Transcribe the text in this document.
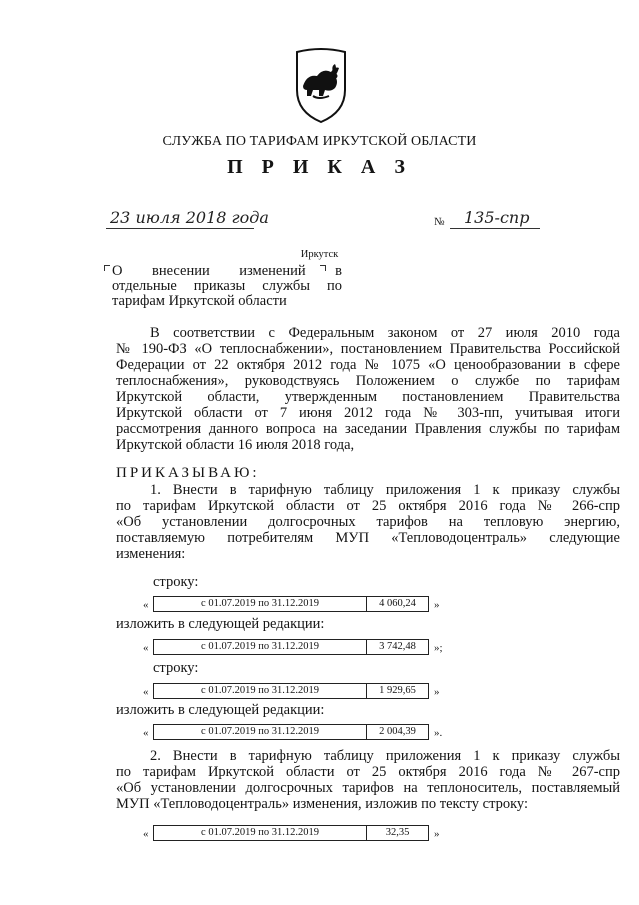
СЛУЖБА ПО ТАРИФАМ ИРКУТСКОЙ ОБЛАСТИ
П Р И К А З
23 июля 2018 года	№ 135-спр
Иркутск
О внесении изменений в
отдельные приказы службы по
тарифам Иркутской области
В соответствии с Федеральным законом от 27 июля 2010 года
№ 190-ФЗ «О теплоснабжении», постановлением Правительства Российской
Федерации от 22 октября 2012 года № 1075 «О ценообразовании в сфере
теплоснабжения», руководствуясь Положением о службе по тарифам
Иркутской области, утвержденным постановлением Правительства
Иркутской области от 7 июня 2012 года № 303-пп, учитывая итоги
рассмотрения данного вопроса на заседании Правления службы по тарифам
Иркутской области 16 июля 2018 года,
ПРИКАЗЫВАЮ:
1. Внести в тарифную таблицу приложения 1 к приказу службы
по тарифам Иркутской области от 25 октября 2016 года № 266-спр
«Об установлении долгосрочных тарифов на тепловую энергию,
поставляемую потребителям МУП «Тепловодоцентраль» следующие
изменения:
строку:
«	с 01.07.2019 по 31.12.2019	4 060,24	»
изложить в следующей редакции:
«	с 01.07.2019 по 31.12.2019	3 742,48	»;
строку:
«	с 01.07.2019 по 31.12.2019	1 929,65	»
изложить в следующей редакции:
«	с 01.07.2019 по 31.12.2019	2 004,39	».
2. Внести в тарифную таблицу приложения 1 к приказу службы
по тарифам Иркутской области от 25 октября 2016 года № 267-спр
«Об установлении долгосрочных тарифов на теплоноситель, поставляемый
МУП «Тепловодоцентраль» изменения, изложив по тексту строку:
«	с 01.07.2019 по 31.12.2019	32,35	»
